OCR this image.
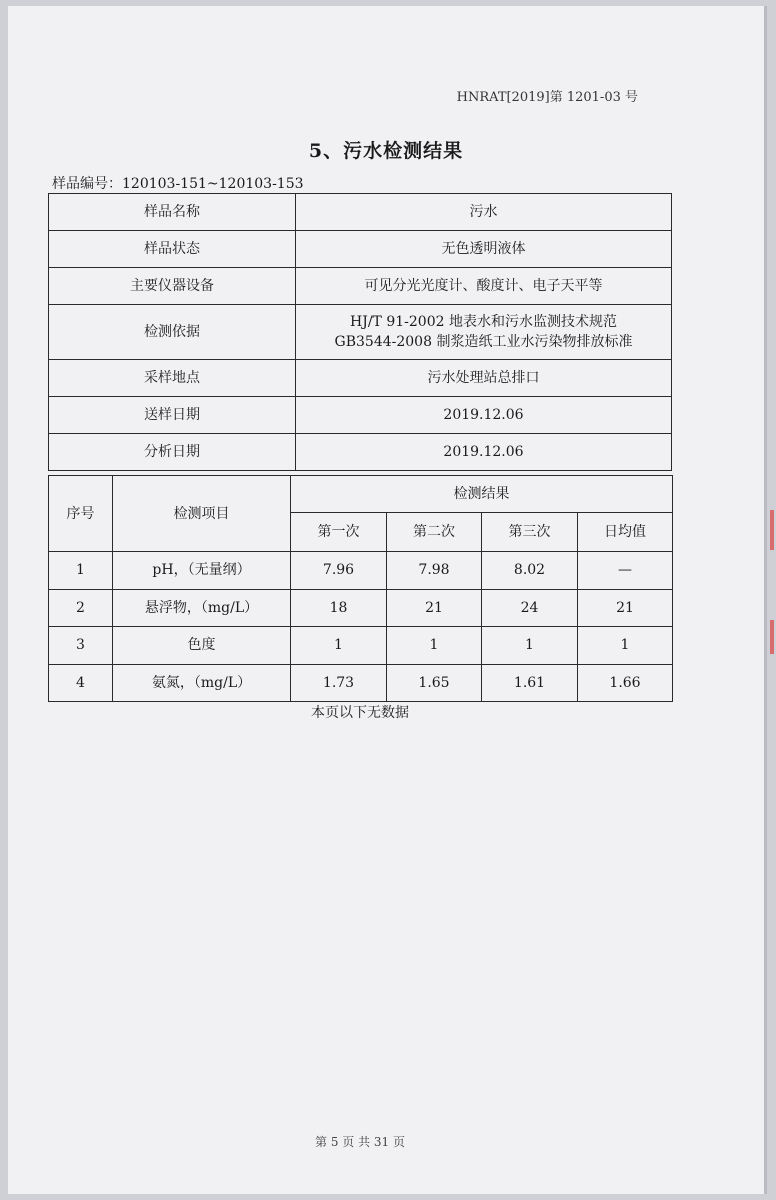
HNRAT[2019]第 1201-03 号
5、污水检测结果
样品编号：120103-151~120103-153
样品名称	污水
样品状态	无色透明液体
主要仪器设备	可见分光光度计、酸度计、电子天平等
检测依据	HJ/T 91-2002 地表水和污水监测技术规范
GB3544-2008 制浆造纸工业水污染物排放标准

采样地点	污水处理站总排口
送样日期	2019.12.06
分析日期	2019.12.06
序号	检测项目	检测结果			
		第一次	第二次	第三次	日均值
1	pH，（无量纲）	7.96	7.98	8.02	—
2	悬浮物，（mg/L）	18	21	24	21
3	色度	1	1	1	1
4	氨氮，（mg/L）	1.73	1.65	1.61	1.66
本页以下无数据
第 5 页 共 31 页
